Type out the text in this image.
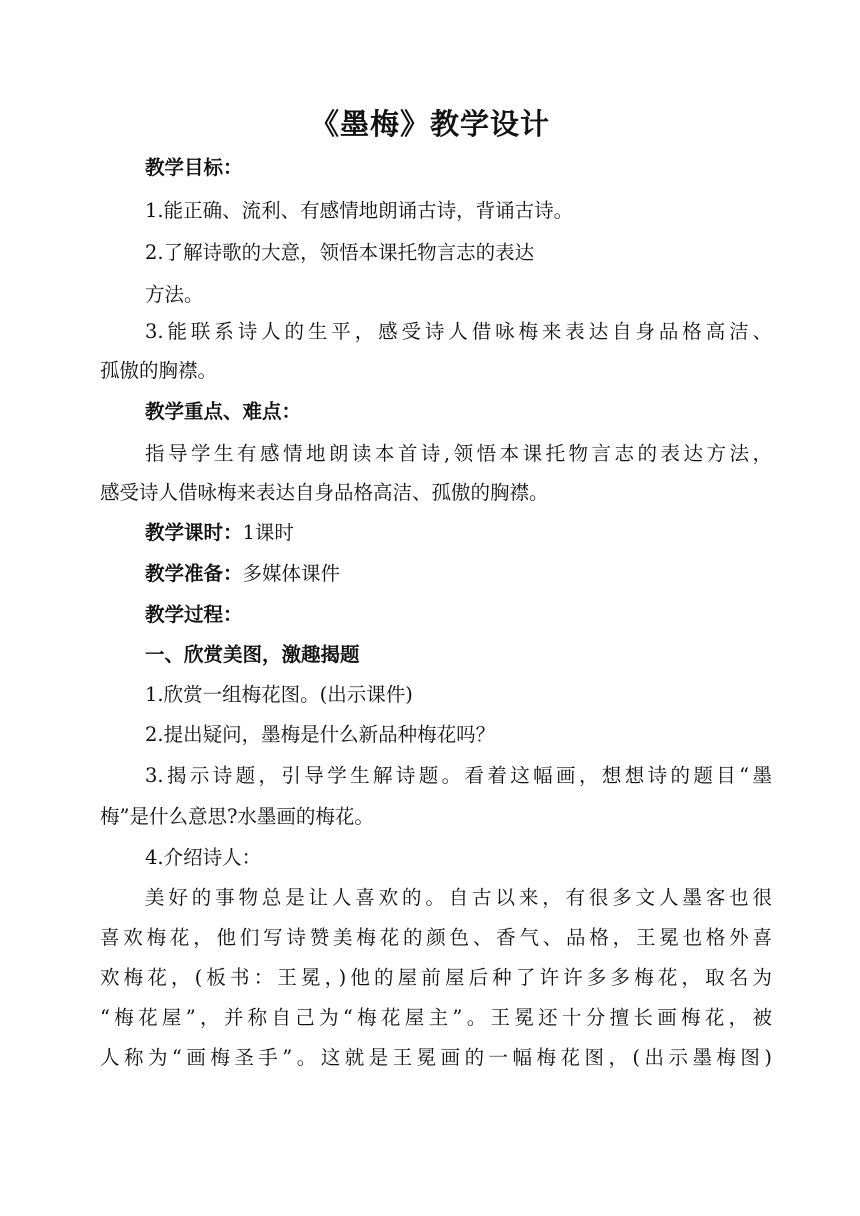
《墨梅》教学设计
教学目标：
1.能正确、流利、有感情地朗诵古诗，背诵古诗。
2.了解诗歌的大意，领悟本课托物言志的表达
方法。
3.能联系诗人的生平，感受诗人借咏梅来表达自身品格高洁、
孤傲的胸襟。
教学重点、难点：
指导学生有感情地朗读本首诗,领悟本课托物言志的表达方法，
感受诗人借咏梅来表达自身品格高洁、孤傲的胸襟。
教学课时：1课时
教学准备：多媒体课件
教学过程：
一、欣赏美图，激趣揭题
1.欣赏一组梅花图。(出示课件)
2.提出疑问，墨梅是什么新品种梅花吗？
3.揭示诗题，引导学生解诗题。看着这幅画，想想诗的题目“墨
梅”是什么意思?水墨画的梅花。
4.介绍诗人：
美好的事物总是让人喜欢的。自古以来，有很多文人墨客也很
喜欢梅花，他们写诗赞美梅花的颜色、香气、品格，王冕也格外喜
欢梅花，(板书：王冕，)他的屋前屋后种了许许多多梅花，取名为
“梅花屋”，并称自己为“梅花屋主”。王冕还十分擅长画梅花，被
人称为“画梅圣手”。这就是王冕画的一幅梅花图，(出示墨梅图)
